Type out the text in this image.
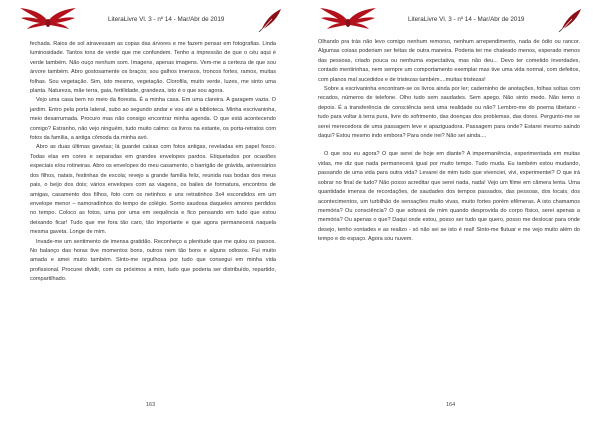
LiteraLivre Vl. 3 - nº 14 - Mar/Abr de 2019

fechada. Raios de sol atravessam as copas das árvores e me fazem pensar em fotografias. Linda luminosidade. Tantos tons de verde que me confundem. Tenho a impressão de que o céu aqui é verde também. Não ouço nenhum som. Imagens, apenas imagens. Vem-me a certeza de que sou árvore também. Abro gostosamente os braços; sou galhos imensos, troncos fortes, ramos, muitas folhas. Sou vegetação. Sim, isto mesmo, vegetação. Clorofila, muito verde, luzes, me sinto uma planta. Natureza, mãe terra, gaia, fertilidade, grandeza, isto é o que sou agora.

Vejo uma casa bem no meio da floresta. É a minha casa. Em uma clareira. A garagem vazia. O jardim. Entro pela porta lateral, subo ao segundo andar e vou até a biblioteca. Minha escrivaninha, meio desarrumada. Procuro mas não consigo encontrar minha agenda. O que está acontecendo comigo? Estranho, não vejo ninguém, tudo muito calmo: os livros na estante, os porta-retratos com fotos da família, a antiga cômoda da minha avó.

Abro as duas últimas gavetas; lá guardei caixas com fotos antigas, reveladas em papel fosco. Todas elas em cores e separadas em grandes envelopes pardos. Etiquetados por ocasiões especiais e/ou rotineiras. Abro os envelopes do meu casamento, o barrigão de grávida, aniversários dos filhos, natais, festinhas de escola; revejo a grande família feliz, reunida nas bodas dos meus pais, o beijo dos dois; vários envelopes com as viagens, os bailes de formatura, encontros de amigas, casamento dos filhos, foto com os netinhos e uns retratinhos 3x4 escondidos em um envelope menor – namoradinhos do tempo de colégio. Sorrio saudosa daqueles amores perdidos no tempo. Coloco as fotos, uma por uma em sequência e fico pensando em tudo que estou deixando ficar! Tudo que me fora tão caro, tão importante e que agora permanecerá naquela mesma gaveta. Longe de mim.

Invade-me um sentimento de imensa gratidão. Reconheço a plenitude que me quiou os passos. No balanço das horas tive momentos bons, outros nem tão bons e alguns odiosos. Fui muito amada e amei muito também. Sinto-me orgulhosa por tudo que consegui em minha vida profissional. Procurei dividir, com os próximos a mim, tudo que poderia ser distribuído, repartido, compartilhado.

163
LiteraLivre Vl. 3 - nº 14 - Mar/Abr de 2019

Olhando pra trás não levo comigo nenhum remorso, nenhum arrependimento, nada de ódio ou rancor. Algumas coisas poderiam ser feitas de outra maneira. Poderia ter me chateado menos, esperado menos das pessoas, criado pouca ou nenhuma expectativa, mas não deu... Devo ter cometido inverdades, contado mentirinhas, nem sempre um comportamento exemplar mas tive uma vida normal, com defeitos, com planos mal sucedidos e de tristezas também....muitas tristezas!

Sobre a escrivaninha encontram-se os livros ainda por ler; caderninho de anotações, folhas soltas com recados, números de telefone. Olho tudo sem saudades. Sem apego. Não sinto medo. Não temo o depois. É a transferência de consciência será uma realidade ou não? Lembro-me do poema tibetano - tudo para voltar à terra pura, livre do sofrimento, das doenças dos problemas, das dores. Pergunto-me se serei merecedora de uma passagem leve e apaziguadora. Passagem para onde? Estarei mesmo saindo daqui? Estou mesmo indo embora? Para onde irei? Não sei ainda....

O que sou eu agora? O que serei de hoje em diante? A impermanência, experimentada em muitas vidas, me diz que nada permanecerá igual por muito tempo. Tudo muda. Eu também estou mudando, passando de uma vida para outra vida? Levarei de mim tudo que vivenciei, vivi, experimentei? O que irá sobrar no final de tudo? Não posso acreditar que serei nada, nada! Vejo um filme em câmera lenta. Uma quantidade imensa de recordações, de saudades dos tempos passados, das pessoas, dos locais, dos acontecimentos, um turbilhão de sensações muito vivas, muito fortes porém efêmeras. A isto chamamos memória? Ou consciência? O que sobrará de mim quando desprovida do corpo físico, serei apenas a memória? Ou apenas o que? Daqui onde estou, posso ser tudo que quero, posso me deslocar para onde desejo, tenho vontades e as realizo - só não sei se isto é real! Sinto-me flutuar e me vejo muito além do tempo e do espaço. Agora sou nuvem.

164
